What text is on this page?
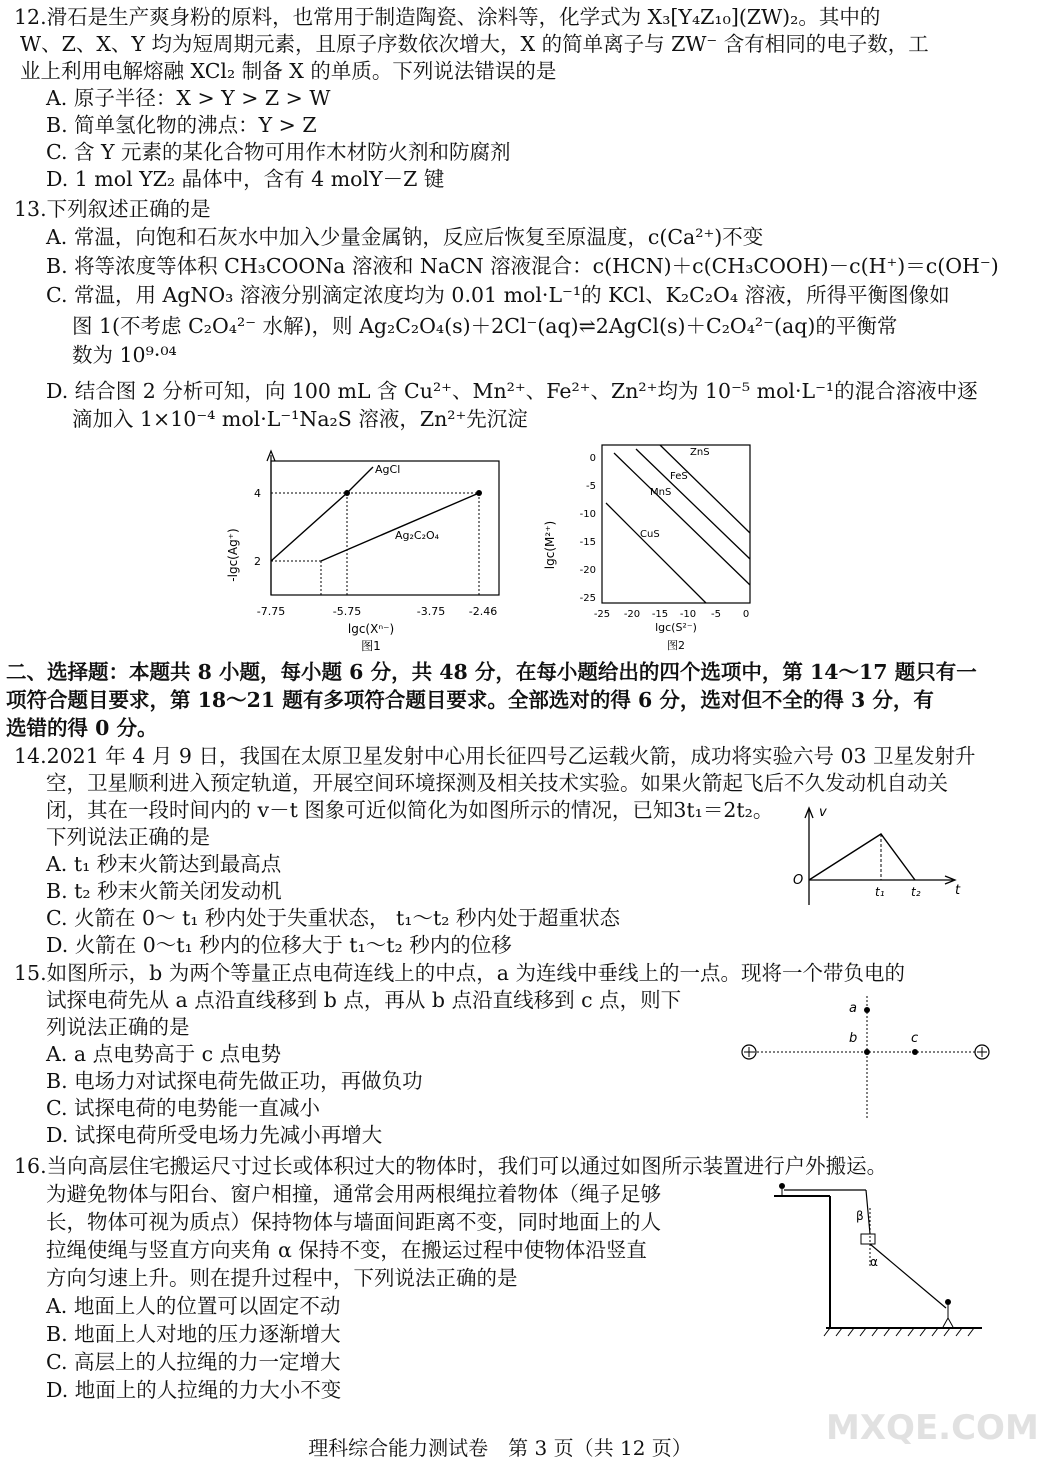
12.滑石是生产爽身粉的原料，也常用于制造陶瓷、涂料等，化学式为 X₃[Y₄Z₁₀](ZW)₂。其中的
W、Z、X、Y 均为短周期元素，且原子序数依次增大，X 的简单离子与 ZW⁻ 含有相同的电子数，工
业上利用电解熔融 XCl₂ 制备 X 的单质。下列说法错误的是
A. 原子半径：X > Y > Z > W
B. 简单氢化物的沸点：Y > Z
C. 含 Y 元素的某化合物可用作木材防火剂和防腐剂
D. 1 mol YZ₂ 晶体中，含有 4 molY－Z 键
13.下列叙述正确的是
A. 常温，向饱和石灰水中加入少量金属钠，反应后恢复至原温度，c(Ca²⁺)不变
B. 将等浓度等体积 CH₃COONa 溶液和 NaCN 溶液混合：c(HCN)＋c(CH₃COOH)－c(H⁺)＝c(OH⁻)
C. 常温，用 AgNO₃ 溶液分别滴定浓度均为 0.01 mol·L⁻¹的 KCl、K₂C₂O₄ 溶液，所得平衡图像如
图 1(不考虑 C₂O₄²⁻ 水解)，则 Ag₂C₂O₄(s)＋2Cl⁻(aq)⇌2AgCl(s)＋C₂O₄²⁻(aq)的平衡常
数为 10⁹·⁰⁴
D. 结合图 2 分析可知，向 100 mL 含 Cu²⁺、Mn²⁺、Fe²⁺、Zn²⁺均为 10⁻⁵ mol·L⁻¹的混合溶液中逐
滴加入 1×10⁻⁴ mol·L⁻¹Na₂S 溶液，Zn²⁺先沉淀
-lgc(Ag⁺)
AgCl
Ag₂C₂O₄
4
2
-7.75	-5.75	-3.75 -2.46
lgc(Xⁿ⁻)
图1
lgc(M²⁺)
ZnS
FeS
MnS
CuS
0
-5
-10
-15
-20
-25
-25 -20 -15 -10 -5 0
lgc(S²⁻)
图2
二、选择题：本题共 8 小题，每小题 6 分，共 48 分，在每小题给出的四个选项中，第 14～17 题只有一
项符合题目要求，第 18～21 题有多项符合题目要求。全部选对的得 6 分，选对但不全的得 3 分，有
选错的得 0 分。
14.2021 年 4 月 9 日，我国在太原卫星发射中心用长征四号乙运载火箭，成功将实验六号 03 卫星发射升
空，卫星顺利进入预定轨道，开展空间环境探测及相关技术实验。如果火箭起飞后不久发动机自动关
闭，其在一段时间内的 v－t 图象可近似简化为如图所示的情况，已知3t₁＝2t₂。
下列说法正确的是
A. t₁ 秒末火箭达到最高点
B. t₂ 秒末火箭关闭发动机
C. 火箭在 0～ t₁ 秒内处于失重状态， t₁～t₂ 秒内处于超重状态
D. 火箭在 0～t₁ 秒内的位移大于 t₁～t₂ 秒内的位移
v
O
t
t₁ t₂
15.如图所示，b 为两个等量正点电荷连线上的中点，a 为连线中垂线上的一点。现将一个带负电的
试探电荷先从 a 点沿直线移到 b 点，再从 b 点沿直线移到 c 点，则下
列说法正确的是
A. a 点电势高于 c 点电势
B. 电场力对试探电荷先做正功，再做负功
C. 试探电荷的电势能一直减小
D. 试探电荷所受电场力先减小再增大
a
b	c
16.当向高层住宅搬运尺寸过长或体积过大的物体时，我们可以通过如图所示装置进行户外搬运。
为避免物体与阳台、窗户相撞，通常会用两根绳拉着物体（绳子足够
长，物体可视为质点）保持物体与墙面间距离不变，同时地面上的人
拉绳使绳与竖直方向夹角 α 保持不变，在搬运过程中使物体沿竖直
方向匀速上升。则在提升过程中，下列说法正确的是
A. 地面上人的位置可以固定不动
B. 地面上人对地的压力逐渐增大
C. 高层上的人拉绳的力一定增大
D. 地面上的人拉绳的力大小不变
β
α
MXQE.COM
理科综合能力测试卷　第 3 页（共 12 页）
